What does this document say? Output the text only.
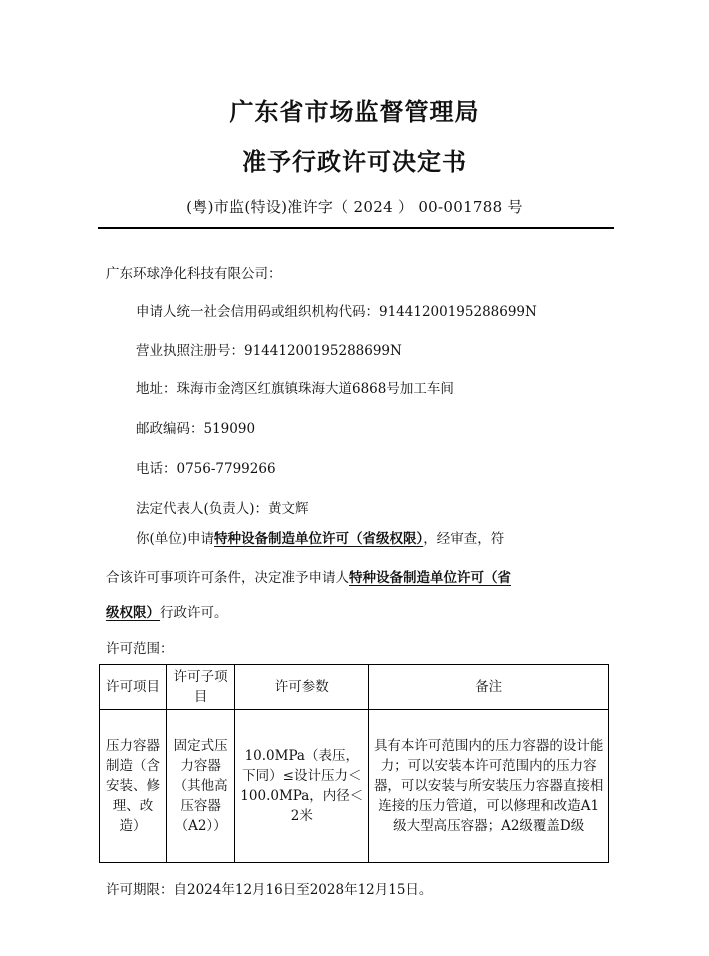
广东省市场监督管理局
准予行政许可决定书
(粤)市监(特设)准许字（ 2024 ） 00-001788 号
广东环球净化科技有限公司：
申请人统一社会信用码或组织机构代码：91441200195288699N
营业执照注册号：91441200195288699N
地址：珠海市金湾区红旗镇珠海大道6868号加工车间
邮政编码：519090
电话：0756-7799266
法定代表人(负责人)：黄文辉
你(单位)申请特种设备制造单位许可（省级权限），经审查，符
合该许可事项许可条件，决定准予申请人特种设备制造单位许可（省
级权限）行政许可。
许可范围：
许可项目	许可子项目	许可参数	备注
压力容器制造（含安装、修理、改造）	固定式压力容器（其他高压容器（A2））	10.0MPa（表压，下同）≤设计压力＜100.0MPa，内径＜2米	具有本许可范围内的压力容器的设计能力；可以安装本许可范围内的压力容器，可以安装与所安装压力容器直接相连接的压力管道，可以修理和改造A1级大型高压容器；A2级覆盖D级
许可期限：自2024年12月16日至2028年12月15日。
